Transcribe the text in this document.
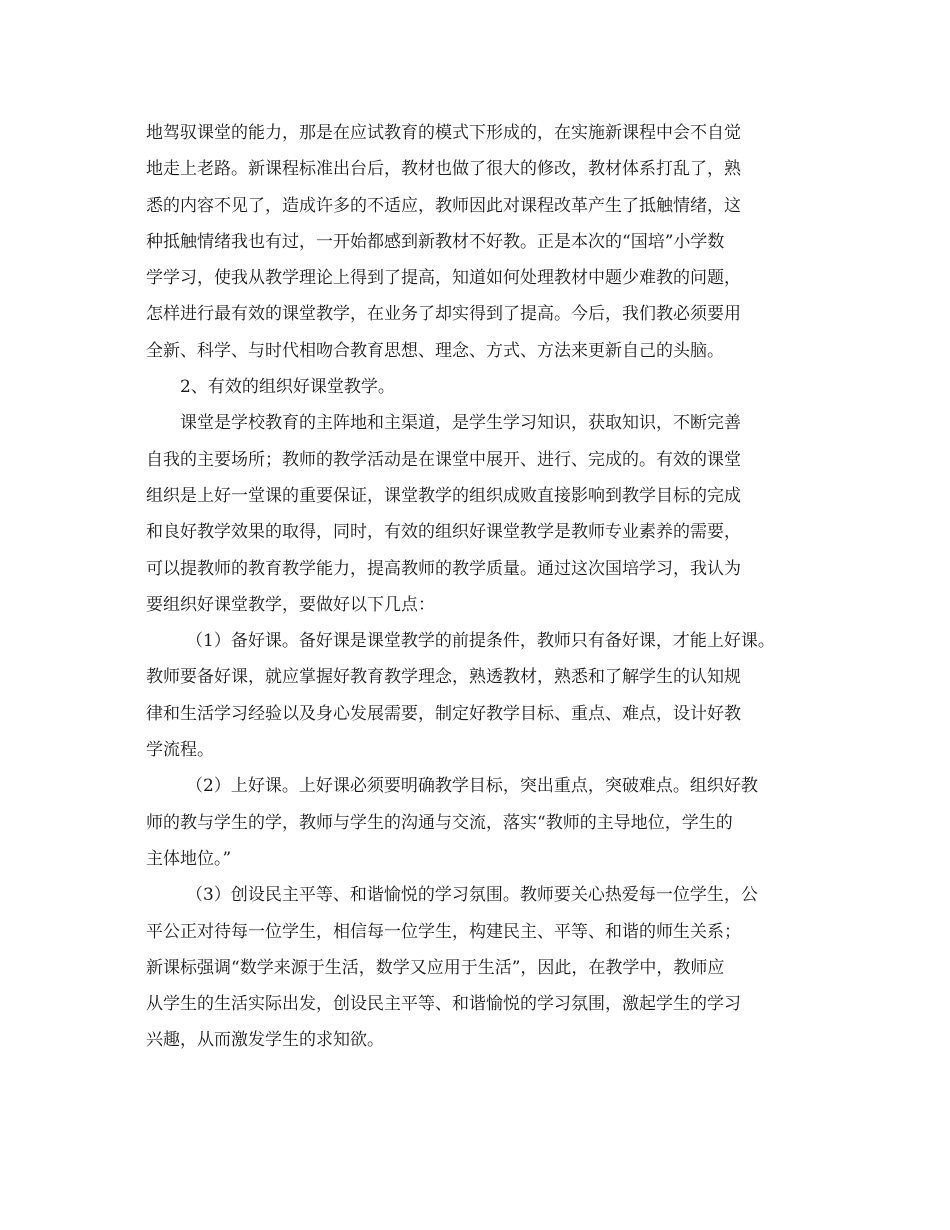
地驾驭课堂的能力，那是在应试教育的模式下形成的，在实施新课程中会不自觉
地走上老路。新课程标准出台后，教材也做了很大的修改，教材体系打乱了，熟
悉的内容不见了，造成许多的不适应，教师因此对课程改革产生了抵触情绪，这
种抵触情绪我也有过，一开始都感到新教材不好教。正是本次的“国培”小学数
学学习，使我从教学理论上得到了提高，知道如何处理教材中题少难教的问题，
怎样进行最有效的课堂教学，在业务了却实得到了提高。今后，我们教必须要用
全新、科学、与时代相吻合教育思想、理念、方式、方法来更新自己的头脑。
2、有效的组织好课堂教学。
课堂是学校教育的主阵地和主渠道，是学生学习知识，获取知识，不断完善
自我的主要场所；教师的教学活动是在课堂中展开、进行、完成的。有效的课堂
组织是上好一堂课的重要保证，课堂教学的组织成败直接影响到教学目标的完成
和良好教学效果的取得，同时，有效的组织好课堂教学是教师专业素养的需要，
可以提教师的教育教学能力，提高教师的教学质量。通过这次国培学习，我认为
要组织好课堂教学，要做好以下几点：
（1）备好课。备好课是课堂教学的前提条件，教师只有备好课，才能上好课。
教师要备好课，就应掌握好教育教学理念，熟透教材，熟悉和了解学生的认知规
律和生活学习经验以及身心发展需要，制定好教学目标、重点、难点，设计好教
学流程。
（2）上好课。上好课必须要明确教学目标，突出重点，突破难点。组织好教
师的教与学生的学，教师与学生的沟通与交流，落实“教师的主导地位，学生的
主体地位。”
（3）创设民主平等、和谐愉悦的学习氛围。教师要关心热爱每一位学生，公
平公正对待每一位学生，相信每一位学生，构建民主、平等、和谐的师生关系；
新课标强调“数学来源于生活，数学又应用于生活”，因此，在教学中，教师应
从学生的生活实际出发，创设民主平等、和谐愉悦的学习氛围，激起学生的学习
兴趣，从而激发学生的求知欲。
